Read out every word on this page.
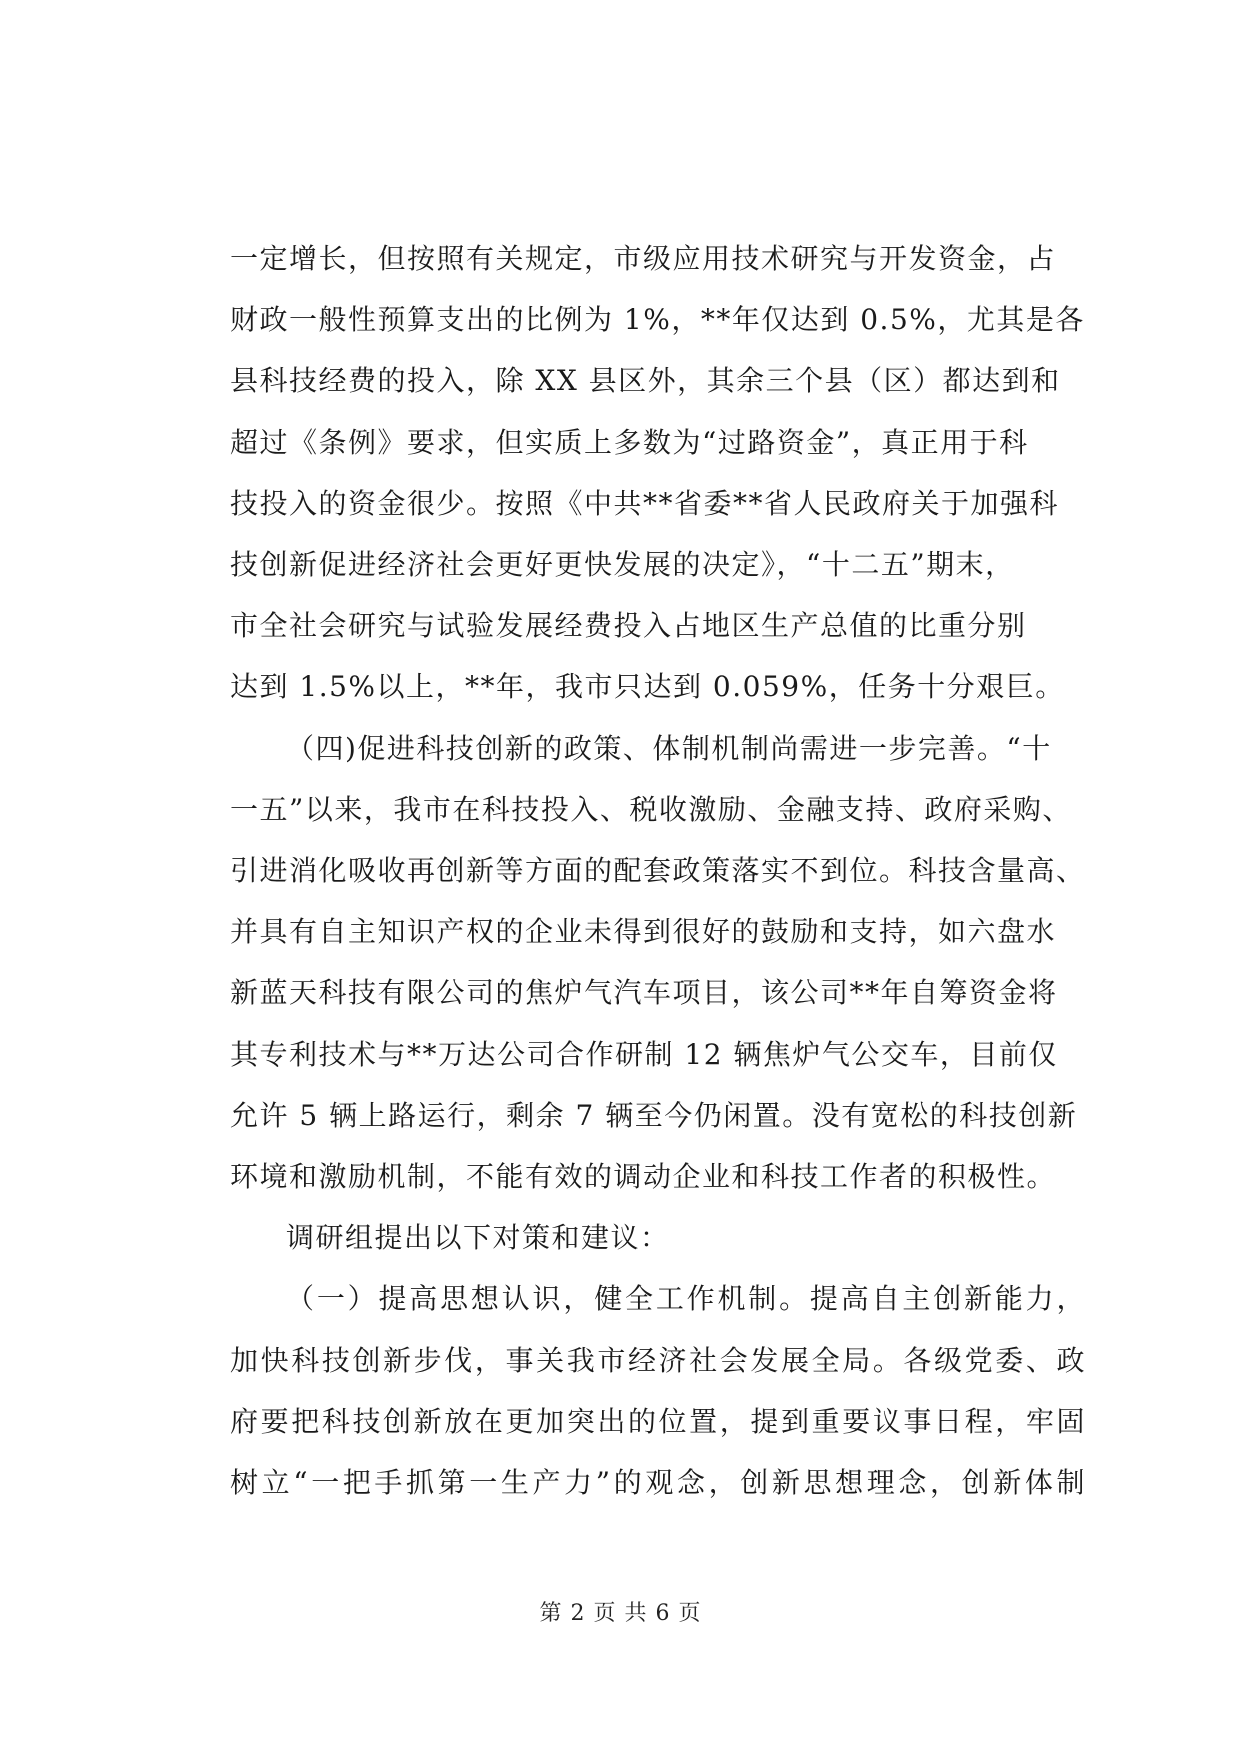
一定增长，但按照有关规定，市级应用技术研究与开发资金，占
财政一般性预算支出的比例为 1%，**年仅达到 0.5%，尤其是各
县科技经费的投入，除 XX 县区外，其余三个县（区）都达到和
超过《条例》要求，但实质上多数为“过路资金”，真正用于科
技投入的资金很少。按照《中共**省委**省人民政府关于加强科
技创新促进经济社会更好更快发展的决定》，“十二五”期末，
市全社会研究与试验发展经费投入占地区生产总值的比重分别
达到 1.5%以上，**年，我市只达到 0.059%，任务十分艰巨。

（四)促进科技创新的政策、体制机制尚需进一步完善。“十
一五”以来，我市在科技投入、税收激励、金融支持、政府采购、
引进消化吸收再创新等方面的配套政策落实不到位。科技含量高、
并具有自主知识产权的企业未得到很好的鼓励和支持，如六盘水
新蓝天科技有限公司的焦炉气汽车项目，该公司**年自筹资金将
其专利技术与**万达公司合作研制 12 辆焦炉气公交车，目前仅
允许 5 辆上路运行，剩余 7 辆至今仍闲置。没有宽松的科技创新
环境和激励机制，不能有效的调动企业和科技工作者的积极性。

调研组提出以下对策和建议：

（一）提高思想认识，健全工作机制。提高自主创新能力，
加快科技创新步伐，事关我市经济社会发展全局。各级党委、政
府要把科技创新放在更加突出的位置，提到重要议事日程，牢固
树立“一把手抓第一生产力”的观念，创新思想理念，创新体制

第 2 页 共 6 页
